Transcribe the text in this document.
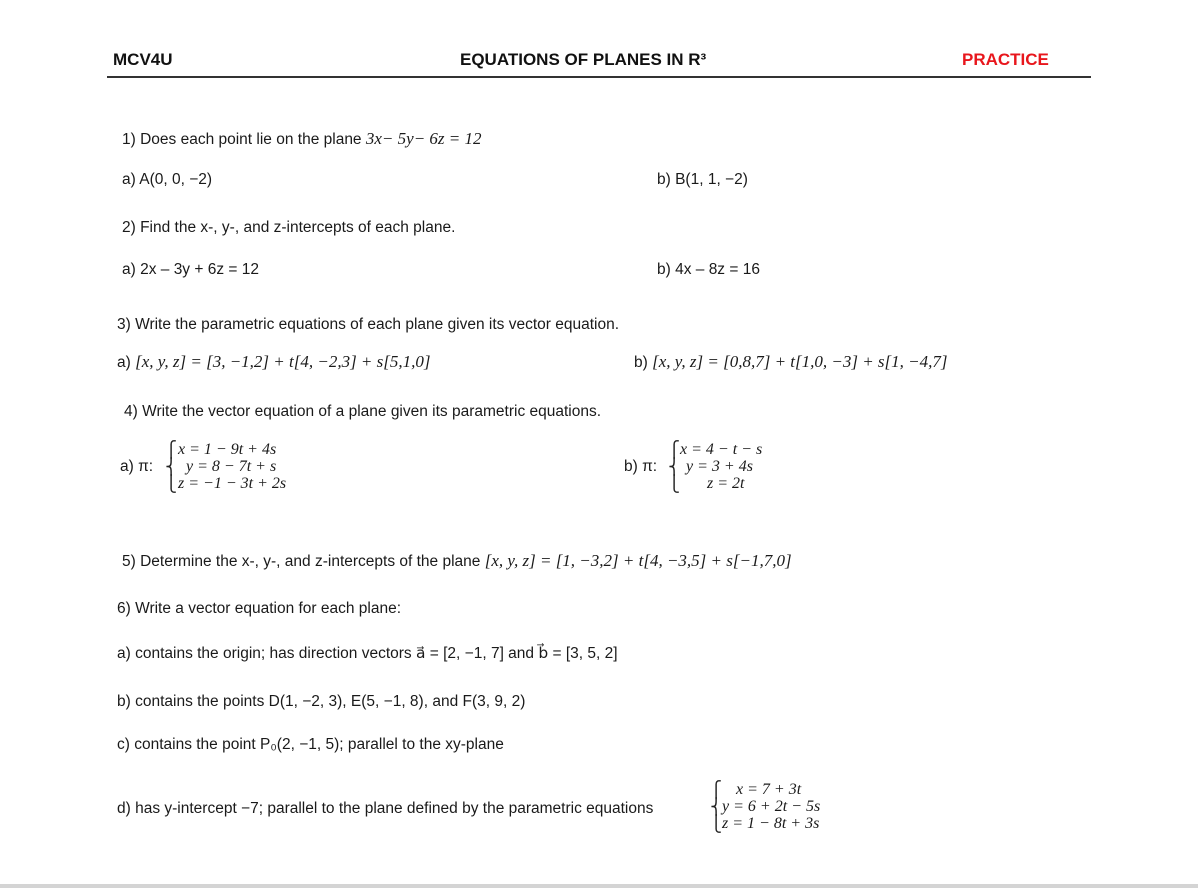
MCV4U	EQUATIONS OF PLANES IN R³	PRACTICE
1) Does each point lie on the plane 3x− 5y− 6z = 12
a) A(0, 0, −2)	b) B(1, 1, −2)
2) Find the x-, y-, and z-intercepts of each plane.
a) 2x – 3y + 6z = 12	b) 4x – 8z = 16
3) Write the parametric equations of each plane given its vector equation.
a) [x, y, z] = [3, −1,2] + t[4, −2,3] + s[5,1,0]	b) [x, y, z] = [0,8,7] + t[1,0, −3] + s[1, −4,7]
4) Write the vector equation of a plane given its parametric equations.
a) π:
⎧
⎨
⎩
x = 1 − 9t + 4s
y = 8 − 7t + s
z = −1 − 3t + 2s
b) π:
⎧
⎨
⎩
x = 4 − t − s
y = 3 + 4s
z = 2t
5) Determine the x-, y-, and z-intercepts of the plane [x, y, z] = [1, −3,2] + t[4, −3,5] + s[−1,7,0]
6) Write a vector equation for each plane:
a) contains the origin; has direction vectors a⃗ = [2, −1, 7] and b⃗ = [3, 5, 2]
b) contains the points D(1, −2, 3), E(5, −1, 8), and F(3, 9, 2)
c) contains the point P₀(2, −1, 5); parallel to the xy-plane
d) has y-intercept −7; parallel to the plane defined by the parametric equations
⎧
⎨
⎩
x = 7 + 3t
y = 6 + 2t − 5s
z = 1 − 8t + 3s
